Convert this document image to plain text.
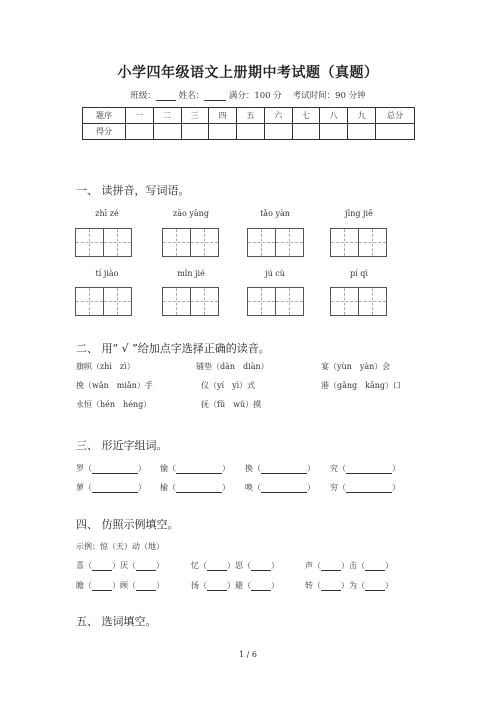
小学四年级语文上册期中考试题（真题）
班级：	姓名：	满分：100 分 考试时间：90 分钟
题序	一	二	三	四	五	六	七	八	九	总分
得分										
一、 读拼音，写词语。
zhī zé	zāo yāng	tǎo yàn	jīng jiē
tí jiào	mǐn jié	jú cù	pí qì
二、 用“ √ ”给加点字选择正确的读音。
旗帜（zhì　zì）	铺垫（dàn　diàn）	宴（yùn　yàn）会
挽（wǎn　miǎn）手	仪（yí　yì）式	港（gǎng　kǎng）口
永恒（hén　héng）	抚（fǔ　wǔ）摸
三、 形近字组词。
罗（	） 愉（	） 换（	） 究（	）
萝（	） 榆（	） 唤（	） 穷（	）
四、 仿照示例填空。
示例：惊（天）动（地）
喜（	）厌（	）	忆（	）思（	）	声（	）击（	）
瞻（	）顾（	）	扬（	）避（	）	转（	）为（	）
五、 选词填空。
1 / 6
